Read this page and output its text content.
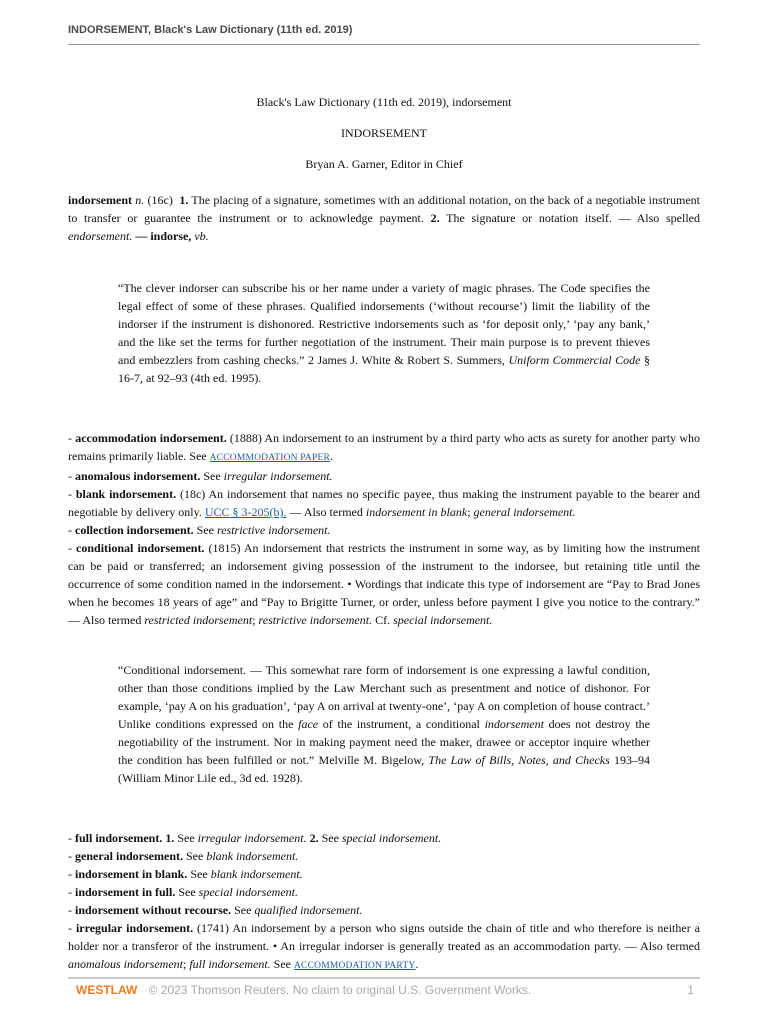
INDORSEMENT, Black's Law Dictionary (11th ed. 2019)

Black's Law Dictionary (11th ed. 2019), indorsement

INDORSEMENT

Bryan A. Garner, Editor in Chief

indorsement n. (16c) 1. The placing of a signature, sometimes with an additional notation, on the back of a negotiable instrument to transfer or guarantee the instrument or to acknowledge payment. 2. The signature or notation itself. — Also spelled endorsement. — indorse, vb.

“The clever indorser can subscribe his or her name under a variety of magic phrases. The Code specifies the legal effect of some of these phrases. Qualified indorsements (‘without recourse’) limit the liability of the indorser if the instrument is dishonored. Restrictive indorsements such as ‘for deposit only,’ ‘pay any bank,’ and the like set the terms for further negotiation of the instrument. Their main purpose is to prevent thieves and embezzlers from cashing checks.” 2 James J. White & Robert S. Summers, Uniform Commercial Code § 16-7, at 92–93 (4th ed. 1995).

- accommodation indorsement. (1888) An indorsement to an instrument by a third party who acts as surety for another party who remains primarily liable. See ACCOMMODATION PAPER.

- anomalous indorsement. See irregular indorsement.

- blank indorsement. (18c) An indorsement that names no specific payee, thus making the instrument payable to the bearer and negotiable by delivery only. UCC § 3-205(b). — Also termed indorsement in blank; general indorsement.

- collection indorsement. See restrictive indorsement.

- conditional indorsement. (1815) An indorsement that restricts the instrument in some way, as by limiting how the instrument can be paid or transferred; an indorsement giving possession of the instrument to the indorsee, but retaining title until the occurrence of some condition named in the indorsement. • Wordings that indicate this type of indorsement are “Pay to Brad Jones when he becomes 18 years of age” and “Pay to Brigitte Turner, or order, unless before payment I give you notice to the contrary.” — Also termed restricted indorsement; restrictive indorsement. Cf. special indorsement.

“Conditional indorsement. — This somewhat rare form of indorsement is one expressing a lawful condition, other than those conditions implied by the Law Merchant such as presentment and notice of dishonor. For example, ‘pay A on his graduation’, ‘pay A on arrival at twenty-one’, ‘pay A on completion of house contract.’ Unlike conditions expressed on the face of the instrument, a conditional indorsement does not destroy the negotiability of the instrument. Nor in making payment need the maker, drawee or acceptor inquire whether the condition has been fulfilled or not.” Melville M. Bigelow, The Law of Bills, Notes, and Checks 193–94 (William Minor Lile ed., 3d ed. 1928).

- full indorsement. 1. See irregular indorsement. 2. See special indorsement.

- general indorsement. See blank indorsement.

- indorsement in blank. See blank indorsement.

- indorsement in full. See special indorsement.

- indorsement without recourse. See qualified indorsement.

- irregular indorsement. (1741) An indorsement by a person who signs outside the chain of title and who therefore is neither a holder nor a transferor of the instrument. • An irregular indorser is generally treated as an accommodation party. — Also termed anomalous indorsement; full indorsement. See ACCOMMODATION PARTY.

WESTLAW © 2023 Thomson Reuters. No claim to original U.S. Government Works.	1
